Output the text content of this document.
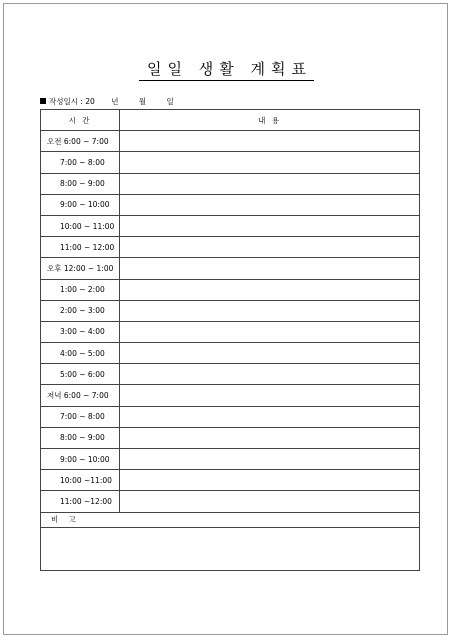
일일 생활 계획표
작성일시 : 20 년	월	일
시 간	내 용
오전 6:00 ~ 7:00	
7:00 ~ 8:00	
8:00 ~ 9:00	
9:00 ~ 10:00	
10:00 ~ 11:00	
11:00 ~ 12:00	
오후 12:00 ~ 1:00	
1:00 ~ 2:00	
2:00 ~ 3:00	
3:00 ~ 4:00	
4:00 ~ 5:00	
5:00 ~ 6:00	
저녁 6:00 ~ 7:00	
7:00 ~ 8:00	
8:00 ~ 9:00	
9:00 ~ 10:00	
10:00 ~11:00	
11:00 ~12:00	
비 고	
